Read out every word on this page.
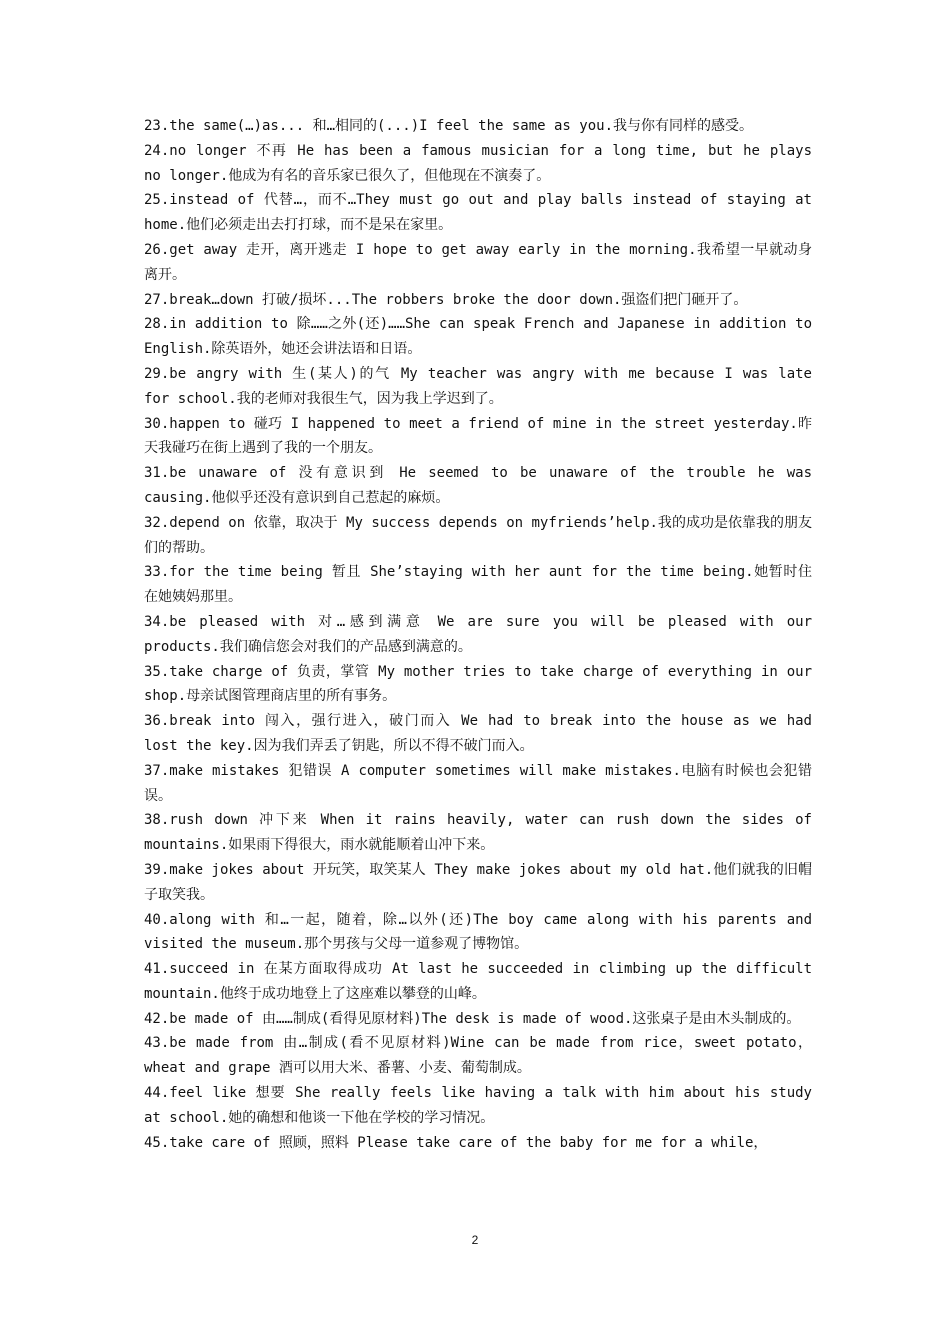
23.the same(…)as... 和…相同的(...)I feel the same as you.我与你有同样的感受。

24.no longer 不再 He has been a famous musician for a long time, but he plays no longer.他成为有名的音乐家已很久了，但他现在不演奏了。

25.instead of 代替…，而不…They must go out and play balls instead of staying at home.他们必须走出去打打球，而不是呆在家里。

26.get away 走开，离开逃走 I hope to get away early in the morning.我希望一早就动身离开。

27.break…down 打破/损坏...The robbers broke the door down.强盗们把门砸开了。

28.in addition to 除……之外(还)……She can speak French and Japanese in addition to English.除英语外，她还会讲法语和日语。

29.be angry with 生(某人)的气 My teacher was angry with me because I was late for school.我的老师对我很生气，因为我上学迟到了。

30.happen to 碰巧 I happened to meet a friend of mine in the street yesterday.昨天我碰巧在街上遇到了我的一个朋友。

31.be unaware of 没有意识到 He seemed to be unaware of the trouble he was causing.他似乎还没有意识到自己惹起的麻烦。

32.depend on 依靠，取决于 My success depends on myfriends’help.我的成功是依靠我的朋友们的帮助。

33.for the time being 暂且 She’staying with her aunt for the time being.她暂时住在她姨妈那里。

34.be pleased with 对…感到满意 We are sure you will be pleased with our products.我们确信您会对我们的产品感到满意的。

35.take charge of 负责，掌管 My mother tries to take charge of everything in our shop.母亲试图管理商店里的所有事务。

36.break into 闯入，强行进入，破门而入 We had to break into the house as we had lost the key.因为我们弄丢了钥匙，所以不得不破门而入。

37.make mistakes 犯错误 A computer sometimes will make mistakes.电脑有时候也会犯错误。

38.rush down 冲下来 When it rains heavily, water can rush down the sides of mountains.如果雨下得很大，雨水就能顺着山冲下来。

39.make jokes about 开玩笑，取笑某人 They make jokes about my old hat.他们就我的旧帽子取笑我。

40.along with 和…一起，随着，除…以外(还)The boy came along with his parents and visited the museum.那个男孩与父母一道参观了博物馆。

41.succeed in 在某方面取得成功 At last he succeeded in climbing up the difficult mountain.他终于成功地登上了这座难以攀登的山峰。

42.be made of 由……制成(看得见原材料)The desk is made of wood.这张桌子是由木头制成的。

43.be made from 由…制成(看不见原材料)Wine can be made from rice，sweet potato，wheat and grape 酒可以用大米、番薯、小麦、葡萄制成。

44.feel like 想要 She really feels like having a talk with him about his study at school.她的确想和他谈一下他在学校的学习情况。

45.take care of 照顾，照料 Please take care of the baby for me for a while，

2
